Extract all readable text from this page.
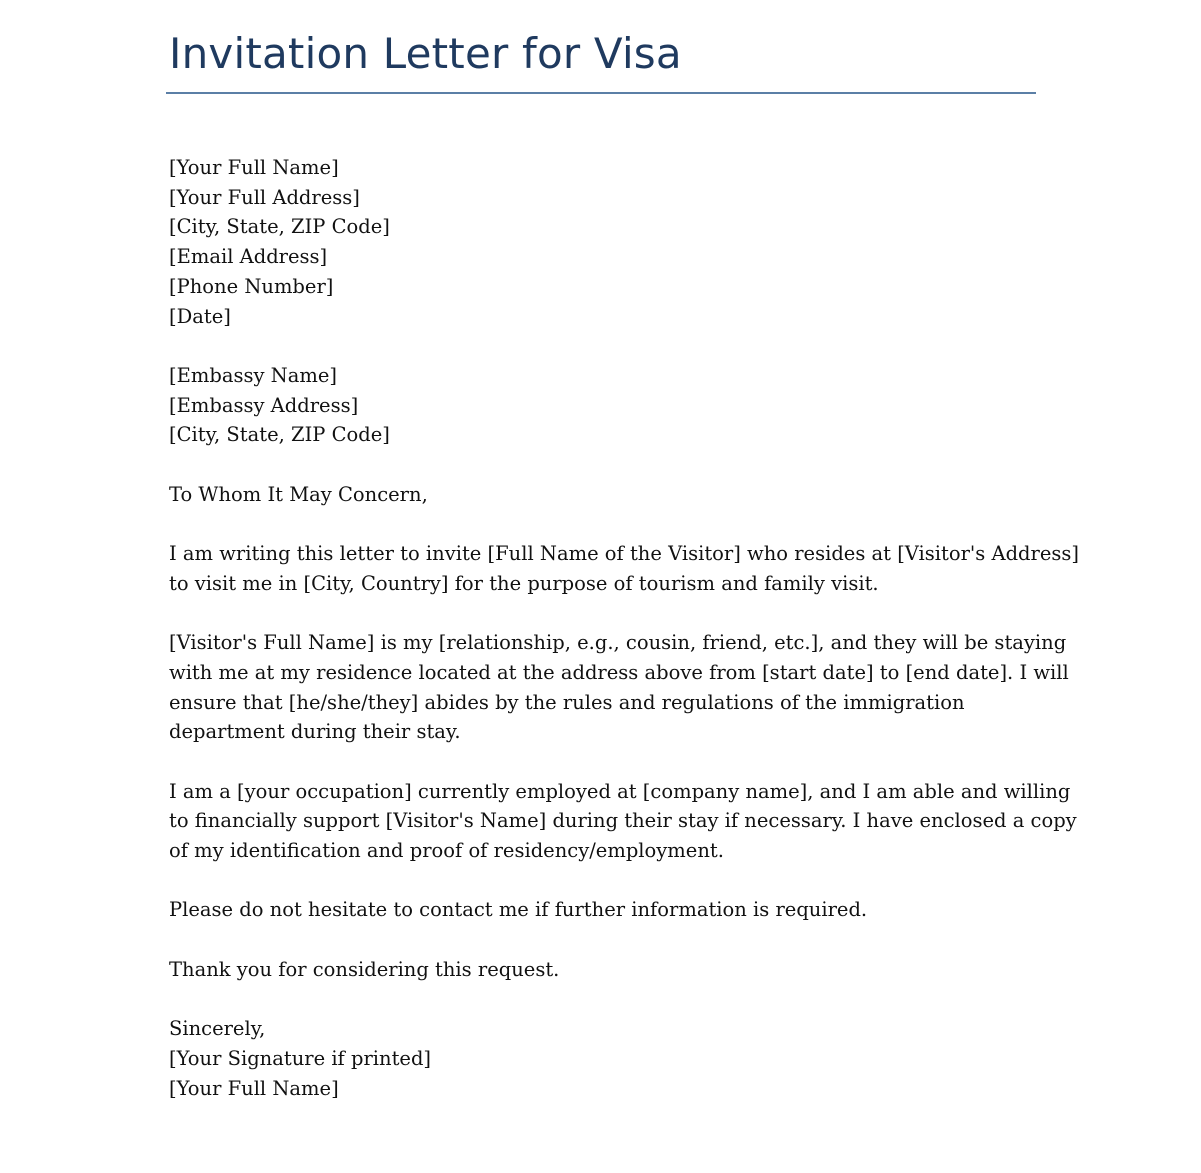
Invitation Letter for Visa
[Your Full Name]
[Your Full Address]
[City, State, ZIP Code]
[Email Address]
[Phone Number]
[Date]
[Embassy Name]
[Embassy Address]
[City, State, ZIP Code]

To Whom It May Concern,

I am writing this letter to invite [Full Name of the Visitor] who resides at [Visitor's Address]
to visit me in [City, Country] for the purpose of tourism and family visit.

[Visitor's Full Name] is my [relationship, e.g., cousin, friend, etc.], and they will be staying
with me at my residence located at the address above from [start date] to [end date]. I will
ensure that [he/she/they] abides by the rules and regulations of the immigration
department during their stay.

I am a [your occupation] currently employed at [company name], and I am able and willing
to financially support [Visitor's Name] during their stay if necessary. I have enclosed a copy
of my identification and proof of residency/employment.

Please do not hesitate to contact me if further information is required.

Thank you for considering this request.

Sincerely,
[Your Signature if printed]
[Your Full Name]
